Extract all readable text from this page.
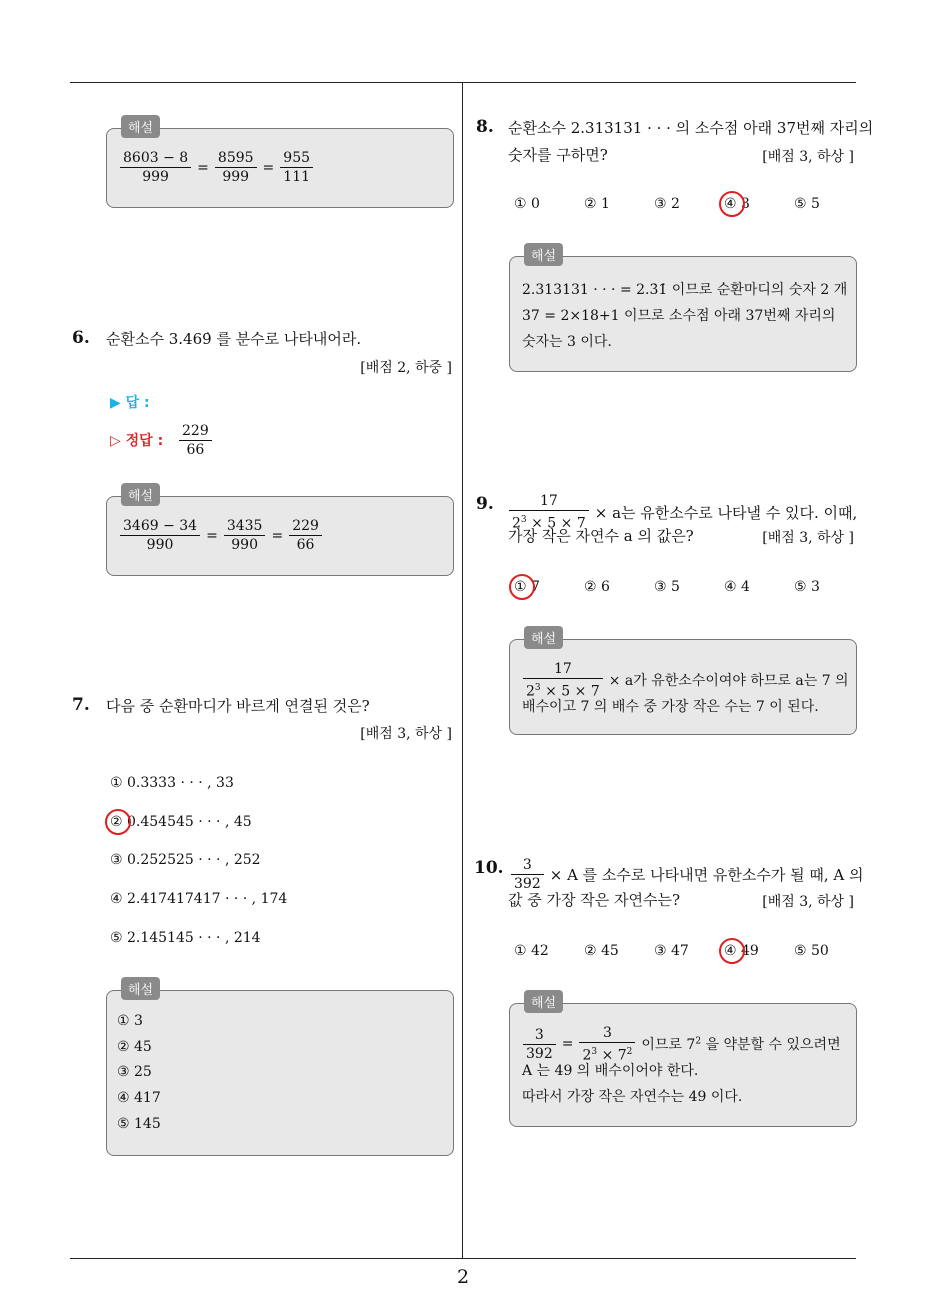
2
해설
$\frac{8603 - 8}{999} = \frac{8595}{999} = \frac{955}{111}$
6. 순환소수 3.469̇ 를 분수로 나타내어라.
[배점 2, 하중 ]
▶ 답 :
▷ 정답 : $\frac{229}{66}$
해설
$\frac{3469 - 34}{990} = \frac{3435}{990} = \frac{229}{66}$
7. 다음 중 순환마디가 바르게 연결된 것은?
[배점 3, 하상 ]
① 0.3333 · · · , 33
② 0.454545 · · · , 45
③ 0.252525 · · · , 252
④ 2.417417417 · · · , 174
⑤ 2.145145 · · · , 214
해설
① 3
② 45
③ 25
④ 417
⑤ 145
8. 순환소수 2.313131 · · · 의 소수점 아래 37번째 자리의
숫자를 구하면?	[배점 3, 하상 ]
① 0	② 1	③ 2	④ 3	⑤ 5
해설
2.313131 · · · = 2.3̇1̇ 이므로 순환마디의 숫자 2 개
37 = 2×18+1 이므로 소수점 아래 37번째 자리의
숫자는 3 이다.
9. $\frac{17}{2^3 \times 5 \times 7} \times a$는 유한소수로 나타낼 수 있다. 이때,
가장 작은 자연수 a 의 값은?	[배점 3, 하상 ]
① 7	② 6	③ 5	④ 4	⑤ 3
해설
$\frac{17}{2^3 \times 5 \times 7} \times a$가 유한소수이여야 하므로 a는 7 의
배수이고 7 의 배수 중 가장 작은 수는 7 이 된다.
10. $\frac{3}{392} \times A$ 를 소수로 나타내면 유한소수가 될 때, A 의
값 중 가장 작은 자연수는?	[배점 3, 하상 ]
① 42	② 45	③ 47	④ 49	⑤ 50
해설
$\frac{3}{392} = \frac{3}{2^3 \times 7^2}$ 이므로 $7^2$ 을 약분할 수 있으려면
A 는 49 의 배수이어야 한다.
따라서 가장 작은 자연수는 49 이다.
